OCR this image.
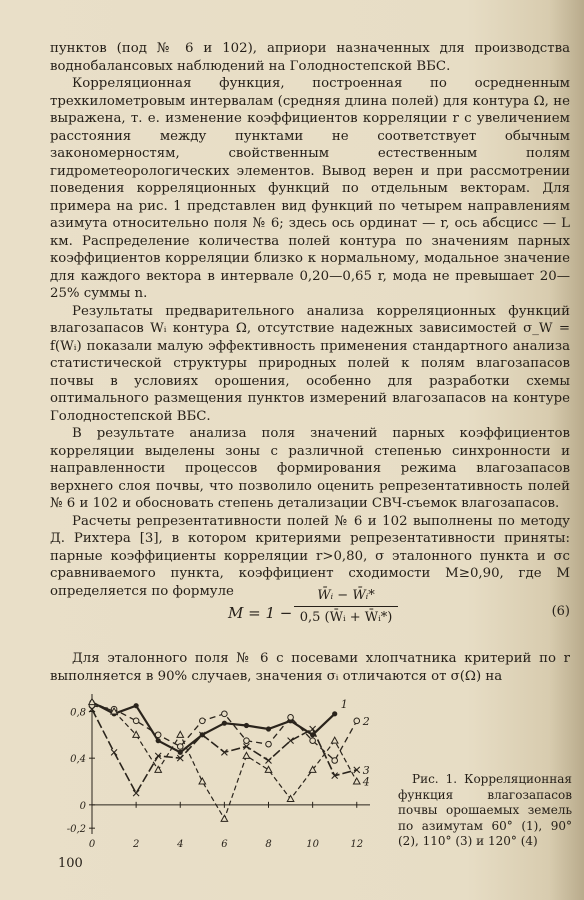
пунктов (под № 6 и 102), априори назначенных для производства воднобалансовых наблюдений на Голодностепской ВБС.

Корреляционная функция, построенная по осредненным трехкилометровым интервалам (средняя длина полей) для контура Ω, не выражена, т. е. изменение коэффициентов корреляции r с увеличением расстояния между пунктами не соответствует обычным закономерностям, свойственным естественным полям гидрометеорологических элементов. Вывод верен и при рассмотрении поведения корреляционных функций по отдельным векторам. Для примера на рис. 1 представлен вид функций по четырем направлениям азимута относительно поля № 6; здесь ось ординат — r, ось абсцисс — L км. Распределение количества полей контура по значениям парных коэффициентов корреляции близко к нормальному, модальное значение для каждого вектора в интервале 0,20—0,65 r, мода не превышает 20—25% суммы n.

Результаты предварительного анализа корреляционных функций влагозапасов Wᵢ контура Ω, отсутствие надежных зависимостей σ_W = f(Wᵢ) показали малую эффективность применения стандартного анализа статистической структуры природных полей к полям влагозапасов почвы в условиях орошения, особенно для разработки схемы оптимального размещения пунктов измерений влагозапасов на контуре Голодностепской ВБС.

В результате анализа поля значений парных коэффициентов корреляции выделены зоны с различной степенью синхронности и направленности процессов формирования режима влагозапасов верхнего слоя почвы, что позволило оценить репрезентативность полей № 6 и 102 и обосновать степень детализации СВЧ-съемок влагозапасов.

Расчеты репрезентативности полей № 6 и 102 выполнены по методу Д. Рихтера [3], в котором критериями репрезентативности приняты: парные коэффициенты корреляции r>0,80, σ эталонного пункта и σc сравниваемого пункта, коэффициент сходимости M≥0,90, где M определяется по формуле

$M = 1 - \frac{\text{W̄ᵢ − W̄ᵢ*}}{\text{0,5 (W̄ᵢ + W̄ᵢ*)}}$	(6)

Для эталонного поля № 6 с посевами хлопчатника критерий по r выполняется в 90% случаев, значения σᵢ отличаются от σ(Ω) на

0,8
0,4
0
-0,2
0	2	4	6	8	10	12
1
2
3
4	Рис. 1. Корреляционная функция влагозапасов почвы орошаемых земель по азимутам 60° (1), 90° (2), 110° (3) и 120° (4)
100
